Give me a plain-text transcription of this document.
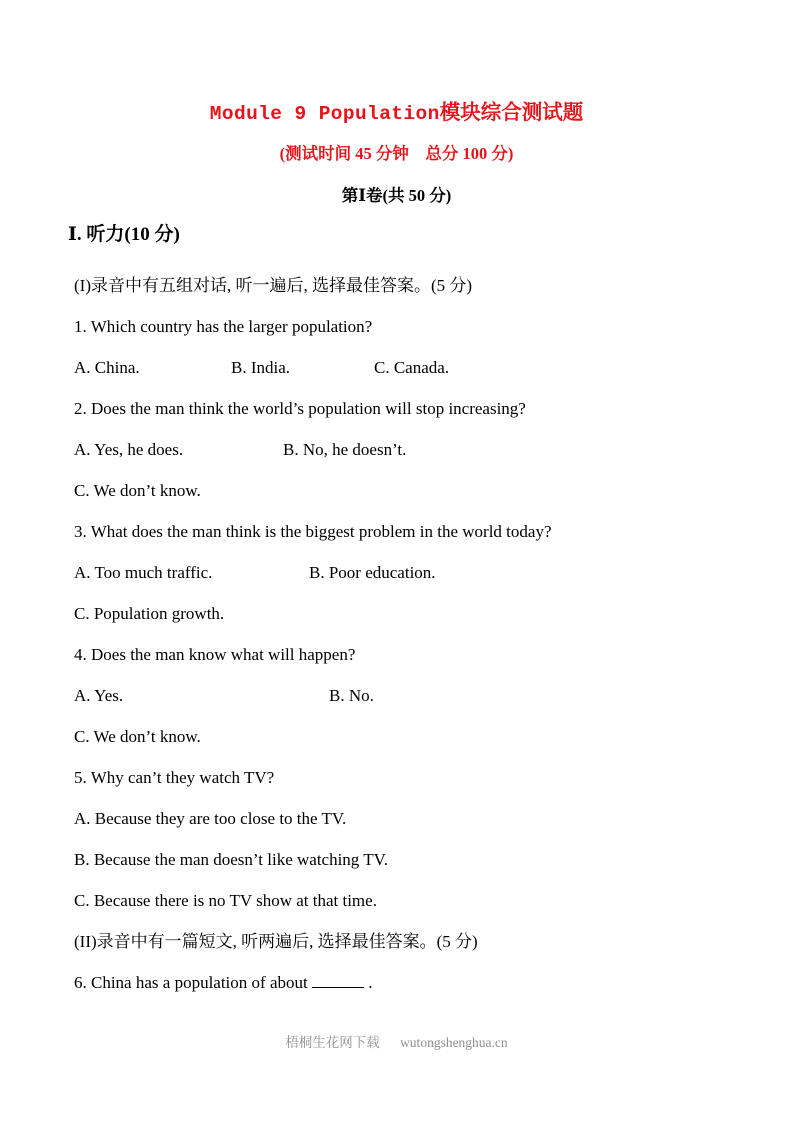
Module 9 Population模块综合测试题
(测试时间 45 分钟　总分 100 分)
第Ⅰ卷(共 50 分)
Ⅰ. 听力(10 分)
(I)录音中有五组对话, 听一遍后, 选择最佳答案。(5 分)
1. Which country has the larger population?

A. China.

	B. India.

	C. Canada.

2. Does the man think the world’s population will stop increasing?

A. Yes, he does.

	B. No, he doesn’t.

C. We don’t know.

3. What does the man think is the biggest problem in the world today?

A. Too much traffic.

	B. Poor education.

C. Population growth.

4. Does the man know what will happen?

A. Yes.

	B. No.

C. We don’t know.

5. Why can’t they watch TV?

A. Because they are too close to the TV.

B. Because the man doesn’t like watching TV.

C. Because there is no TV show at that time.

(II)录音中有一篇短文, 听两遍后, 选择最佳答案。(5 分)
6. China has a population of about	.
梧桐生花网下载 wutongshenghua.cn
